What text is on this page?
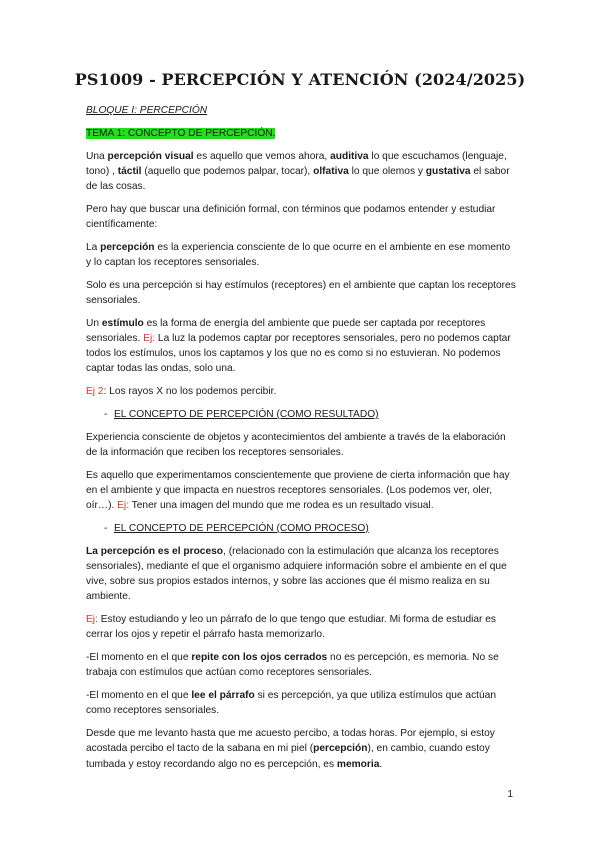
PS1009 - PERCEPCIÓN Y ATENCIÓN (2024/2025)

BLOQUE I: PERCEPCIÓN

TEMA 1: CONCEPTO DE PERCEPCIÓN.

Una percepción visual es aquello que vemos ahora, auditiva lo que escuchamos (lenguaje, tono) , táctil (aquello que podemos palpar, tocar), olfativa lo que olemos y gustativa el sabor de las cosas.

Pero hay que buscar una definición formal, con términos que podamos entender y estudiar científicamente:

La percepción es la experiencia consciente de lo que ocurre en el ambiente en ese momento y lo captan los receptores sensoriales.

Solo es una percepción si hay estímulos (receptores) en el ambiente que captan los receptores sensoriales.

Un estímulo es la forma de energía del ambiente que puede ser captada por receptores sensoriales. Ej: La luz la podemos captar por receptores sensoriales, pero no podemos captar todos los estímulos, unos los captamos y los que no es como si no estuvieran. No podemos captar todas las ondas, solo una.

Ej 2: Los rayos X no los podemos percibir.

- EL CONCEPTO DE PERCEPCIÓN (COMO RESULTADO)

Experiencia consciente de objetos y acontecimientos del ambiente a través de la elaboración de la información que reciben los receptores sensoriales.

Es aquello que experimentamos conscientemente que proviene de cierta información que hay en el ambiente y que impacta en nuestros receptores sensoriales. (Los podemos ver, oler, oír…). Ej: Tener una imagen del mundo que me rodea es un resultado visual.

- EL CONCEPTO DE PERCEPCIÓN (COMO PROCESO)

La percepción es el proceso, (relacionado con la estimulación que alcanza los receptores sensoriales), mediante el que el organismo adquiere información sobre el ambiente en el que vive, sobre sus propios estados internos, y sobre las acciones que él mismo realiza en su ambiente.

Ej: Estoy estudiando y leo un párrafo de lo que tengo que estudiar. Mi forma de estudiar es cerrar los ojos y repetir el párrafo hasta memorizarlo.

-El momento en el que repite con los ojos cerrados no es percepción, es memoria. No se trabaja con estímulos que actúan como receptores sensoriales.

-El momento en el que lee el párrafo si es percepción, ya que utiliza estímulos que actúan como receptores sensoriales.

Desde que me levanto hasta que me acuesto percibo, a todas horas. Por ejemplo, si estoy acostada percibo el tacto de la sabana en mi piel (percepción), en cambio, cuando estoy tumbada y estoy recordando algo no es percepción, es memoria.

1
